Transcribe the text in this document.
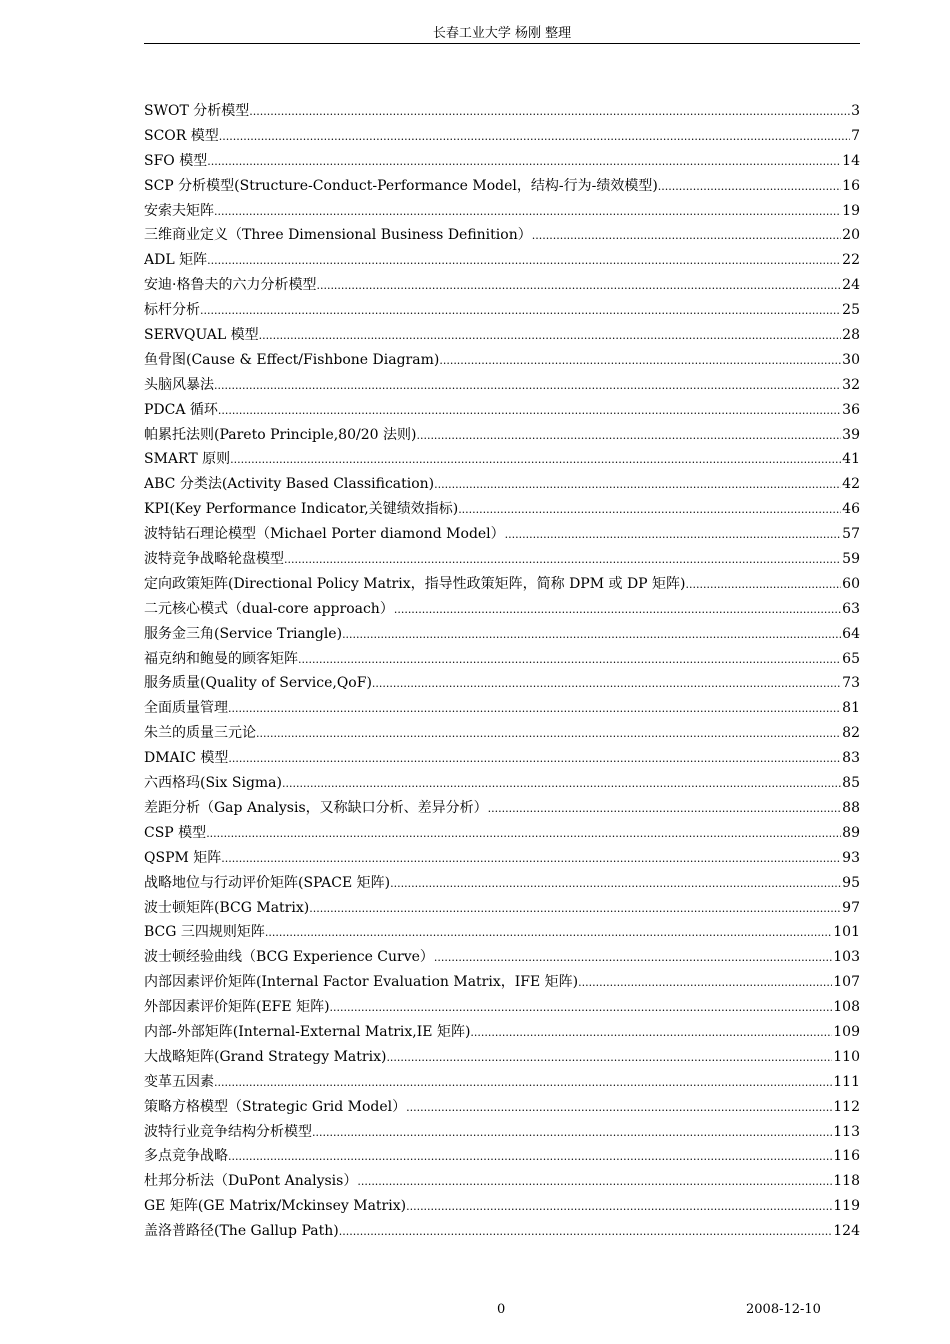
长春工业大学 杨刚 整理
SWOT 分析模型 .....	3
SCOR 模型 .....	7
SFO 模型 .....	14
SCP 分析模型(Structure-Conduct-Performance Model，结构-行为-绩效模型) .....	16
安索夫矩阵 .....	19
三维商业定义（Three Dimensional Business Definition） .....	20
ADL 矩阵 .....	22
安迪·格鲁夫的六力分析模型 .....	24
标杆分析 .....	25
SERVQUAL 模型 .....	28
鱼骨图(Cause & Effect/Fishbone Diagram) .....	30
头脑风暴法 .....	32
PDCA 循环 .....	36
帕累托法则(Pareto Principle,80/20 法则) .....	39
SMART 原则 .....	41
ABC 分类法(Activity Based Classification) .....	42
KPI(Key Performance Indicator,关键绩效指标) .....	46
波特钻石理论模型（Michael Porter diamond Model） .....	57
波特竞争战略轮盘模型 .....	59
定向政策矩阵(Directional Policy Matrix，指导性政策矩阵，简称 DPM 或 DP 矩阵) .....	60
二元核心模式（dual-core approach） .....	63
服务金三角(Service Triangle) .....	64
福克纳和鲍曼的顾客矩阵 .....	65
服务质量(Quality of Service,QoF) .....	73
全面质量管理 .....	81
朱兰的质量三元论 .....	82
DMAIC 模型 .....	83
六西格玛(Six Sigma) .....	85
差距分析（Gap Analysis，又称缺口分析、差异分析） .....	88
CSP 模型 .....	89
QSPM 矩阵 .....	93
战略地位与行动评价矩阵(SPACE 矩阵) .....	95
波士顿矩阵(BCG Matrix) .....	97
BCG 三四规则矩阵 .....	101
波士顿经验曲线（BCG Experience Curve） .....	103
内部因素评价矩阵(Internal Factor Evaluation Matrix，IFE 矩阵) .....	107
外部因素评价矩阵(EFE 矩阵) .....	108
内部-外部矩阵(Internal-External Matrix,IE 矩阵) .....	109
大战略矩阵(Grand Strategy Matrix) .....	110
变革五因素 .....	111
策略方格模型（Strategic Grid Model） .....	112
波特行业竞争结构分析模型 .....	113
多点竞争战略 .....	116
杜邦分析法（DuPont Analysis） .....	118
GE 矩阵(GE Matrix/Mckinsey Matrix) .....	119
盖洛普路径(The Gallup Path) .....	124
0	2008-12-10
